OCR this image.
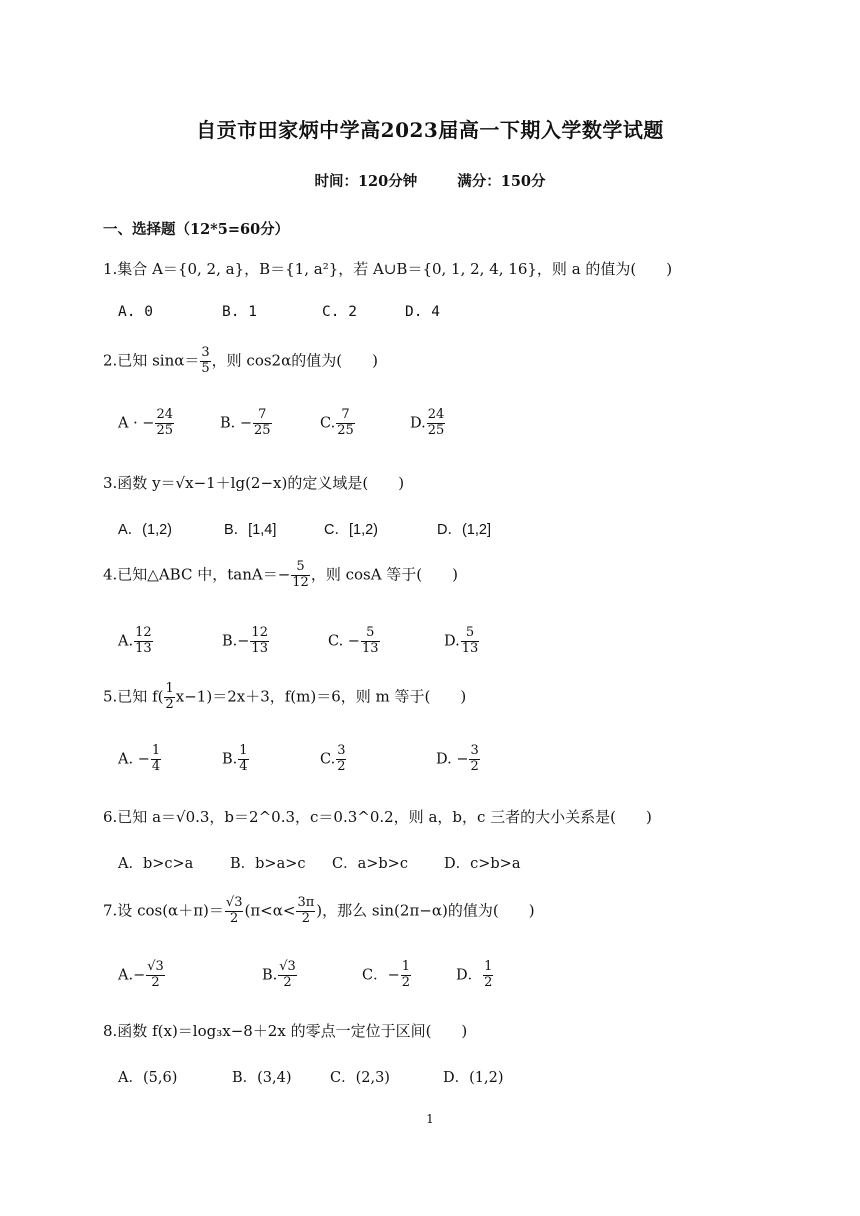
自贡市田家炳中学高2023届高一下期入学数学试题
时间：120分钟	满分：150分
一、选择题（12*5=60分）
1.集合 A＝{0, 2, a}，B＝{1, a²}，若 A∪B＝{0, 1, 2, 4, 16}，则 a 的值为(　　)
A. 0	B. 1	C. 2	D. 4
2.已知 $\sin\alpha= \frac{3}{5}$ ，则 cos2α的值为(　　)
A · − $\frac{24}{25}$	B. − $\frac{7}{25}$	C. $\frac{7}{25}$	D. $\frac{24}{25}$
3.函数 y＝√x−1＋lg(2−x)的定义域是(　　)
A．(1,2)	B．[1,4]	C．[1,2)	D．(1,2]
4.已知△ABC 中，$\tan A=- \frac{5}{12}$ ，则 cosA 等于(　　)
A. $\frac{12}{13}$	$B.- \frac{12}{13}$	C. − $\frac{5}{13}$	D. $\frac{5}{13}$
5.已知 $f( \frac{1}{2} x-1)=2x+3$，f(m)＝6，则 m 等于(　　)
A. − $\frac{1}{4}$	B. $\frac{1}{4}$	C. $\frac{3}{2}$	D. − $\frac{3}{2}$
6.已知 a＝√0.3，b＝2^0.3，c＝0.3^0.2，则 a，b，c 三者的大小关系是(　　)
A．b>c>a	B．b>a>c C．a>b>c D．c>b>a
7.设 $\cos(\alpha+\pi)= \frac{√3}{2} (\pi<\alpha< \frac{3\pi}{2}$ )，那么 sin(2π−α)的值为(　　)
$A.- \frac{√3}{2}$	B. $\frac{√3}{2}$	C．− $\frac{1}{2}$	D． $\frac{1}{2}$
8.函数 f(x)＝log₃x−8＋2x 的零点一定位于区间(　　)
A．(5,6)	B．(3,4)	C．(2,3)	D．(1,2)
1
